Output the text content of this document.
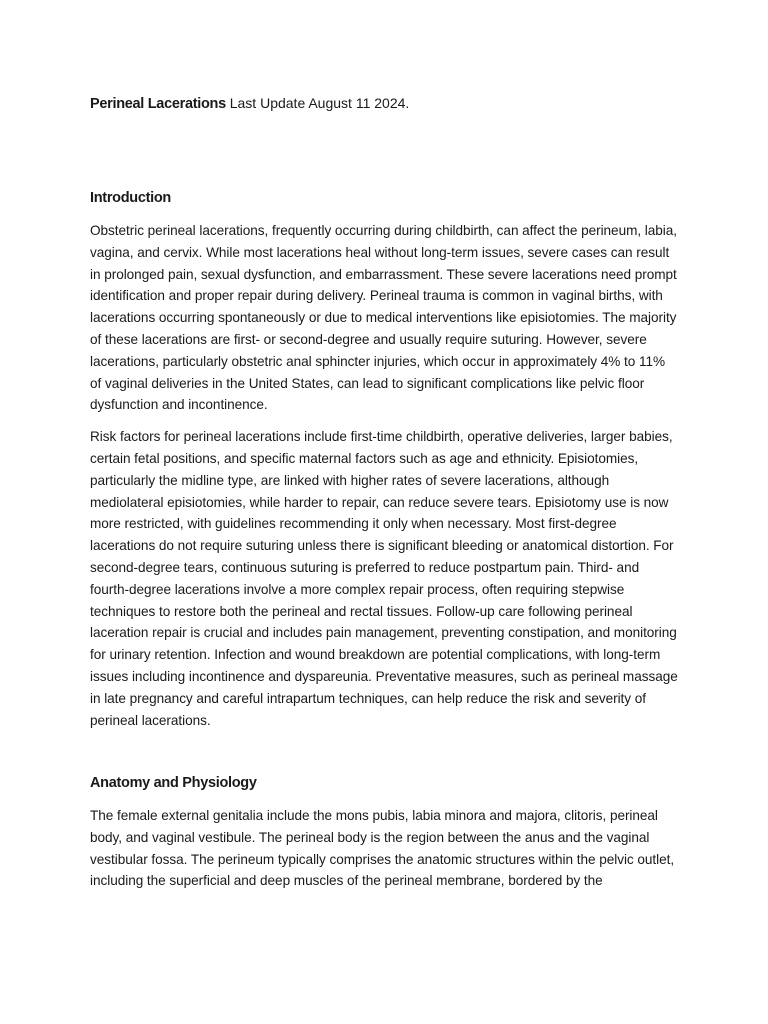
Perineal Lacerations Last Update August 11 2024.
Introduction

Obstetric perineal lacerations, frequently occurring during childbirth, can affect the perineum, labia, vagina, and cervix. While most lacerations heal without long-term issues, severe cases can result in prolonged pain, sexual dysfunction, and embarrassment. These severe lacerations need prompt identification and proper repair during delivery. Perineal trauma is common in vaginal births, with lacerations occurring spontaneously or due to medical interventions like episiotomies. The majority of these lacerations are first- or second-degree and usually require suturing. However, severe lacerations, particularly obstetric anal sphincter injuries, which occur in approximately 4% to 11% of vaginal deliveries in the United States, can lead to significant complications like pelvic floor dysfunction and incontinence.

Risk factors for perineal lacerations include first-time childbirth, operative deliveries, larger babies, certain fetal positions, and specific maternal factors such as age and ethnicity. Episiotomies, particularly the midline type, are linked with higher rates of severe lacerations, although mediolateral episiotomies, while harder to repair, can reduce severe tears. Episiotomy use is now more restricted, with guidelines recommending it only when necessary. Most first-degree lacerations do not require suturing unless there is significant bleeding or anatomical distortion. For second-degree tears, continuous suturing is preferred to reduce postpartum pain. Third- and fourth-degree lacerations involve a more complex repair process, often requiring stepwise techniques to restore both the perineal and rectal tissues. Follow-up care following perineal laceration repair is crucial and includes pain management, preventing constipation, and monitoring for urinary retention. Infection and wound breakdown are potential complications, with long-term issues including incontinence and dyspareunia. Preventative measures, such as perineal massage in late pregnancy and careful intrapartum techniques, can help reduce the risk and severity of perineal lacerations.

Anatomy and Physiology

The female external genitalia include the mons pubis, labia minora and majora, clitoris, perineal body, and vaginal vestibule. The perineal body is the region between the anus and the vaginal vestibular fossa. The perineum typically comprises the anatomic structures within the pelvic outlet, including the superficial and deep muscles of the perineal membrane, bordered by the
